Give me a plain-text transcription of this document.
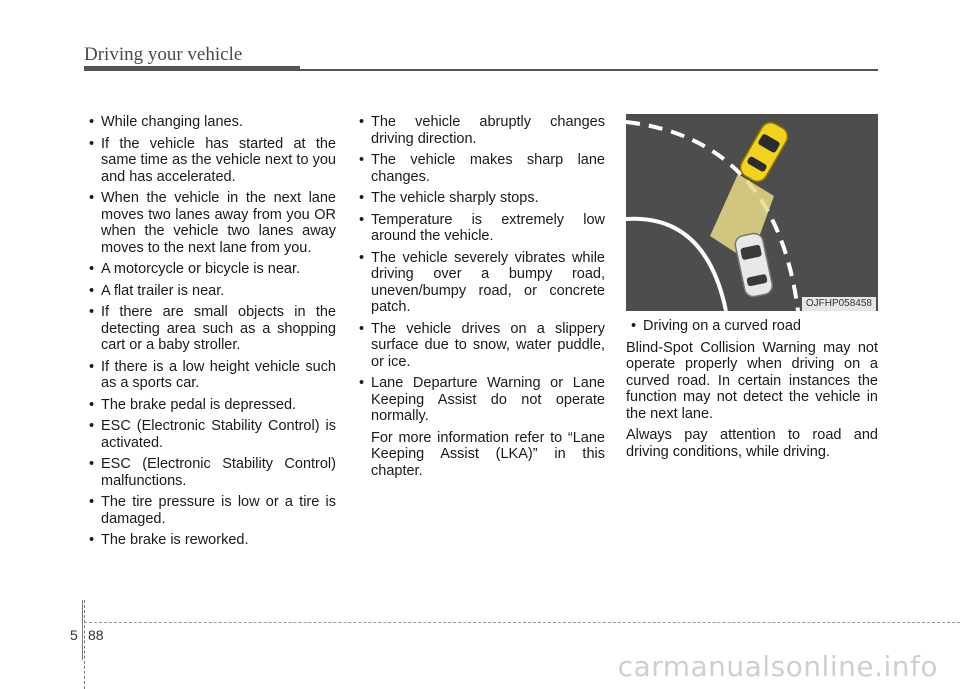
Driving your vehicle

• While changing lanes.

• If the vehicle has started at the same time as the vehicle next to you and has accelerated.

• When the vehicle in the next lane moves two lanes away from you OR when the vehicle two lanes away moves to the next lane from you.

• A motorcycle or bicycle is near.

• A flat trailer is near.

• If there are small objects in the detecting area such as a shopping cart or a baby stroller.

• If there is a low height vehicle such as a sports car.

• The brake pedal is depressed.

• ESC (Electronic Stability Control) is activated.

• ESC (Electronic Stability Control) malfunctions.

• The tire pressure is low or a tire is damaged.

• The brake is reworked.

• The vehicle abruptly changes driving direction.

• The vehicle makes sharp lane changes.

• The vehicle sharply stops.

• Temperature is extremely low around the vehicle.

• The vehicle severely vibrates while driving over a bumpy road, uneven/bumpy road, or concrete patch.

• The vehicle drives on a slippery surface due to snow, water puddle, or ice.

• Lane Departure Warning or Lane Keeping Assist do not operate normally.

For more information refer to “Lane Keeping Assist (LKA)” in this chapter.

OJFHP058458

• Driving on a curved road

Blind-Spot Collision Warning may not operate properly when driving on a curved road. In certain instances the function may not detect the vehicle in the next lane.

Always pay attention to road and driving conditions, while driving.

5 88
carmanualsonline.info
